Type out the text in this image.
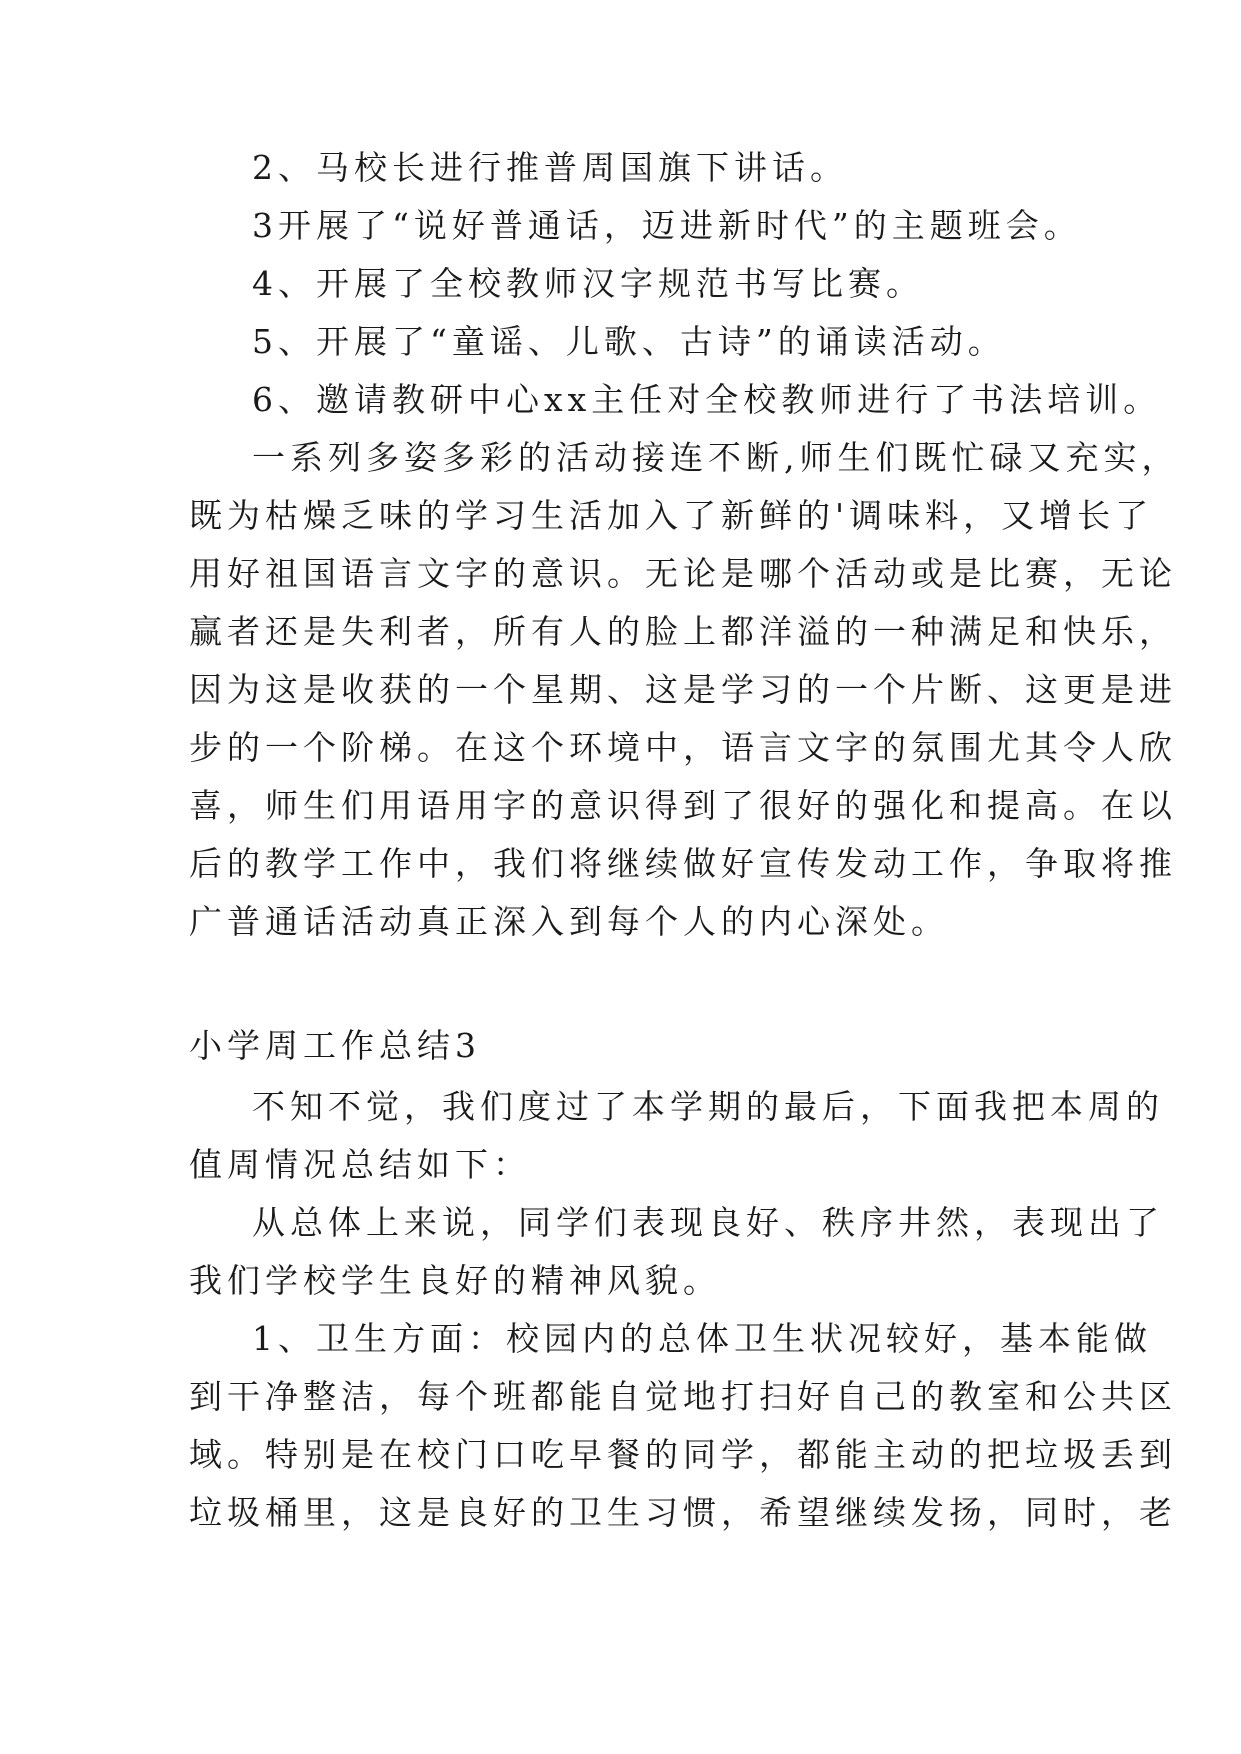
2、马校长进行推普周国旗下讲话。
3开展了“说好普通话，迈进新时代”的主题班会。
4、开展了全校教师汉字规范书写比赛。
5、开展了“童谣、儿歌、古诗”的诵读活动。
6、邀请教研中心xx主任对全校教师进行了书法培训。
一系列多姿多彩的活动接连不断,师生们既忙碌又充实，
既为枯燥乏味的学习生活加入了新鲜的'调味料，又增长了
用好祖国语言文字的意识。无论是哪个活动或是比赛，无论
赢者还是失利者，所有人的脸上都洋溢的一种满足和快乐，
因为这是收获的一个星期、这是学习的一个片断、这更是进
步的一个阶梯。在这个环境中，语言文字的氛围尤其令人欣
喜，师生们用语用字的意识得到了很好的强化和提高。在以
后的教学工作中，我们将继续做好宣传发动工作，争取将推
广普通话活动真正深入到每个人的内心深处。
小学周工作总结3
不知不觉，我们度过了本学期的最后，下面我把本周的
值周情况总结如下：
从总体上来说，同学们表现良好、秩序井然，表现出了
我们学校学生良好的精神风貌。
1、卫生方面：校园内的总体卫生状况较好，基本能做
到干净整洁，每个班都能自觉地打扫好自己的教室和公共区
域。特别是在校门口吃早餐的同学，都能主动的把垃圾丢到
垃圾桶里，这是良好的卫生习惯，希望继续发扬，同时，老
